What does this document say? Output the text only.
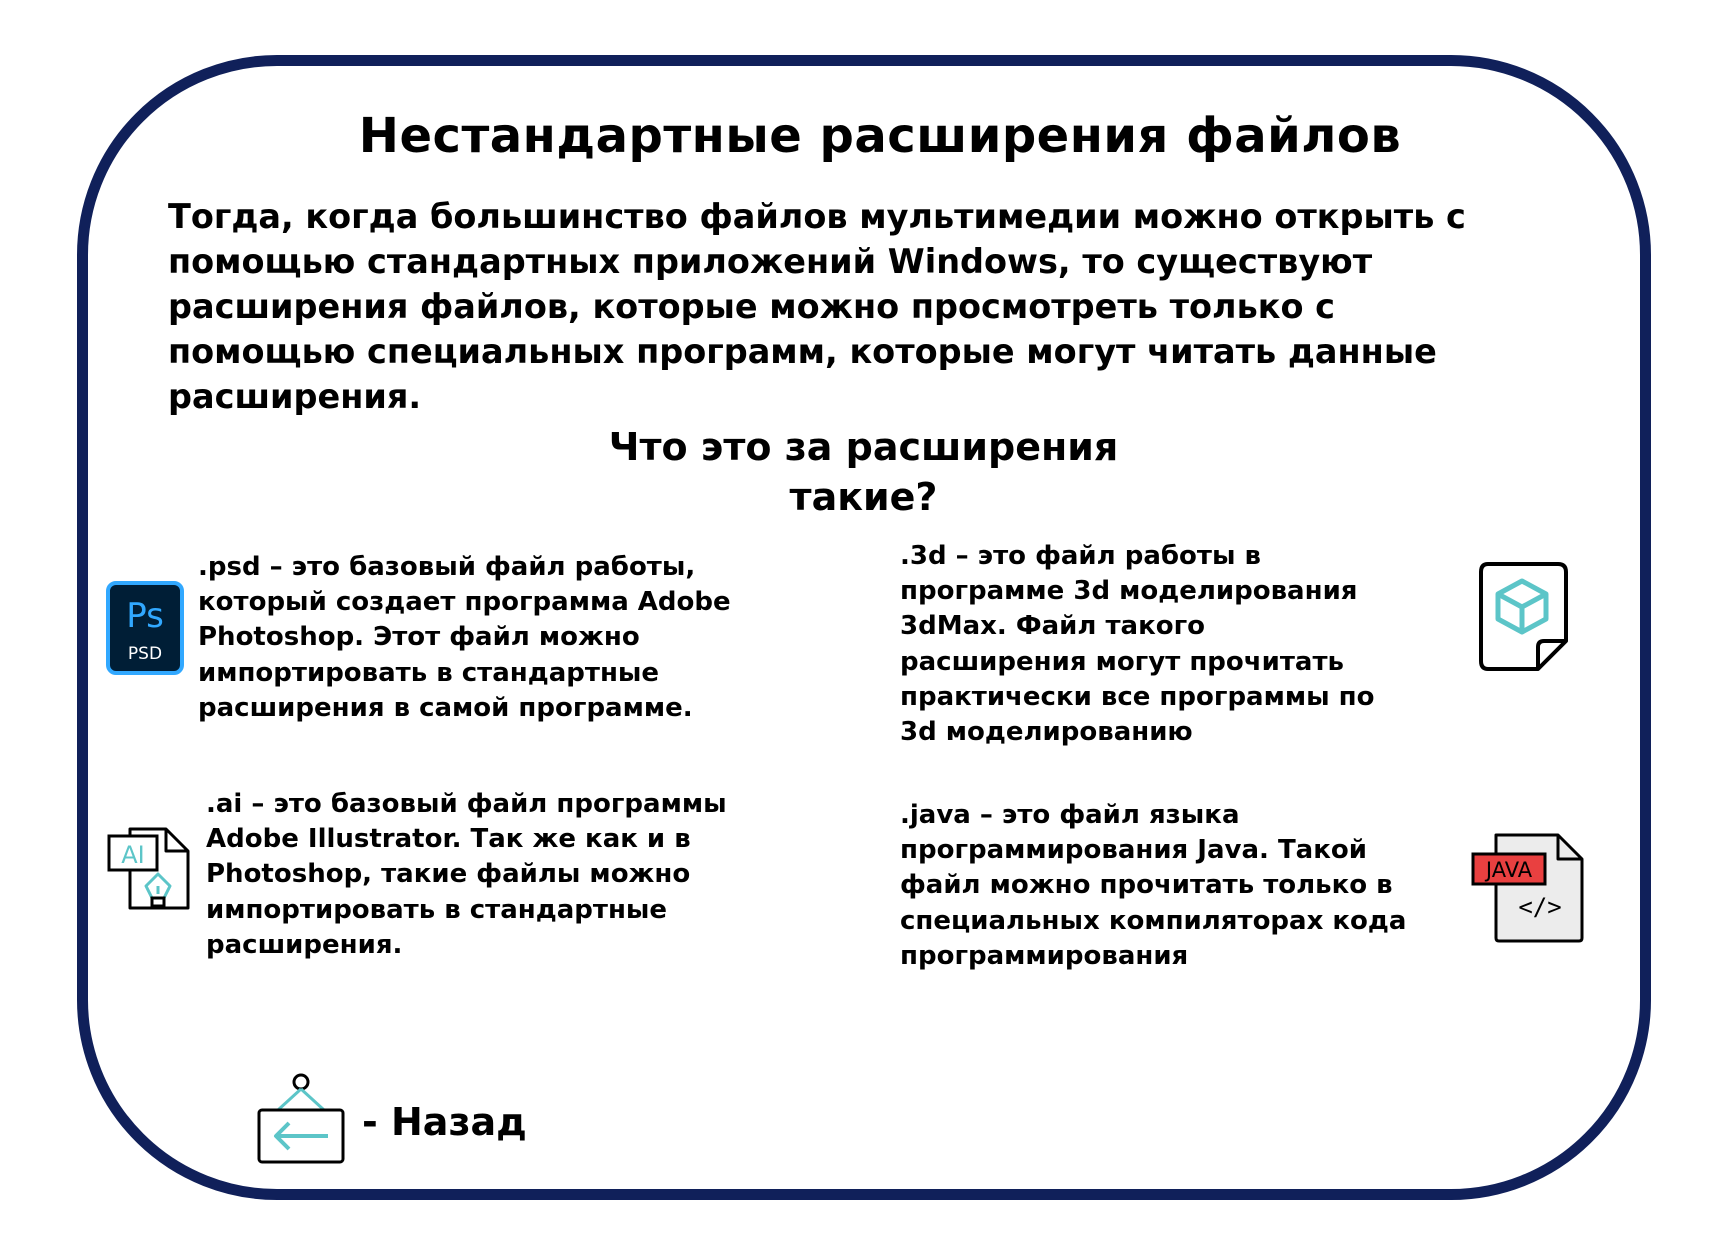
Нестандартные расширения файлов
Тогда, когда большинство файлов мультимедии можно открыть с
помощью стандартных приложений Windows, то существуют
расширения файлов, которые можно просмотреть только с
помощью специальных программ, которые могут читать данные
расширения.
Что это за расширения
такие?
Ps
PSD
.psd – это базовый файл работы,
который создает программа Adobe
Photoshop. Этот файл можно
импортировать в стандартные
расширения в самой программе.
AI
.ai – это базовый файл программы
Adobe Illustrator. Так же как и в
Photoshop, такие файлы можно
импортировать в стандартные
расширения.
.3d – это файл работы в
программе 3d моделирования
3dMax. Файл такого
расширения могут прочитать
практически все программы по
3d моделированию
.java – это файл языка
программирования Java. Такой
файл можно прочитать только в
специальных компиляторах кода
программирования
JAVA
</>
- Назад
